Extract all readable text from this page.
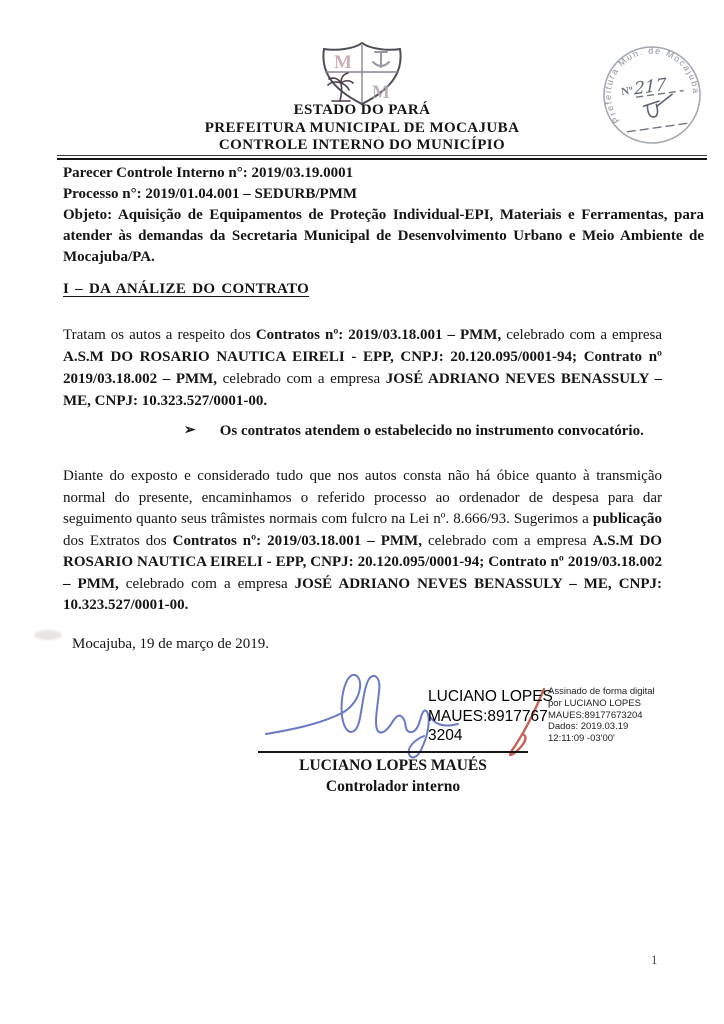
M
M
Prefeitura Mun. de Mocajuba
Nº 217
ESTADO DO PARÁ
PREFEITURA MUNICIPAL DE MOCAJUBA
CONTROLE INTERNO DO MUNICÍPIO
Parecer Controle Interno n°: 2019/03.19.0001
Processo n°: 2019/01.04.001 – SEDURB/PMM
Objeto: Aquisição de Equipamentos de Proteção Individual-EPI, Materiais e Ferramentas, para atender às demandas da Secretaria Municipal de Desenvolvimento Urbano e Meio Ambiente de Mocajuba/PA.
I – DA ANÁLIZE DO CONTRATO

Tratam os autos a respeito dos Contratos nº: 2019/03.18.001 – PMM, celebrado com a empresa A.S.M DO ROSARIO NAUTICA EIRELI - EPP, CNPJ: 20.120.095/0001-94; Contrato nº 2019/03.18.002 – PMM, celebrado com a empresa JOSÉ ADRIANO NEVES BENASSULY – ME, CNPJ: 10.323.527/0001-00.

➢ Os contratos atendem o estabelecido no instrumento convocatório.

Diante do exposto e considerado tudo que nos autos consta não há óbice quanto à transmição normal do presente, encaminhamos o referido processo ao ordenador de despesa para dar seguimento quanto seus trâmistes normais com fulcro na Lei nº. 8.666/93. Sugerimos a publicação dos Extratos dos Contratos nº: 2019/03.18.001 – PMM, celebrado com a empresa A.S.M DO ROSARIO NAUTICA EIRELI - EPP, CNPJ: 20.120.095/0001-94; Contrato nº 2019/03.18.002 – PMM, celebrado com a empresa JOSÉ ADRIANO NEVES BENASSULY – ME, CNPJ: 10.323.527/0001-00.

Mocajuba, 19 de março de 2019.
LUCIANO LOPES
MAUES:8917767
3204
Assinado de forma digital
por LUCIANO LOPES
MAUES:89177673204
Dados: 2019.03.19
12:11:09 -03'00'
LUCIANO LOPES MAUÉS
Controlador interno
1
